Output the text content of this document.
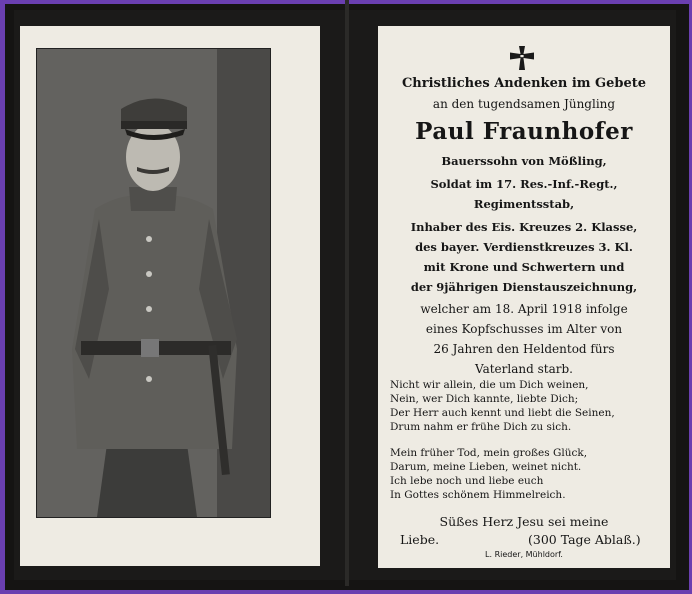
Christliches Andenken im Gebete
an den tugendsamen Jüngling
Paul Fraunhofer
Bauerssohn von Mößling,
Soldat im 17. Res.-Inf.-Regt.,
Regimentsstab,
Inhaber des Eis. Kreuzes 2. Klasse,
des bayer. Verdienstkreuzes 3. Kl.
mit Krone und Schwertern und
der 9jährigen Dienstauszeichnung,
welcher am 18. April 1918 infolge
eines Kopfschusses im Alter von
26 Jahren den Heldentod fürs
Vaterland starb.
Nicht wir allein, die um Dich weinen,
Nein, wer Dich kannte, liebte Dich;
Der Herr auch kennt und liebt die Seinen,
Drum nahm er frühe Dich zu sich.
Mein früher Tod, mein großes Glück,
Darum, meine Lieben, weinet nicht.
Ich lebe noch und liebe euch
In Gottes schönem Himmelreich.
Süßes Herz Jesu sei meine
Liebe.	(300 Tage Ablaß.)
L. Rieder, Mühldorf.
